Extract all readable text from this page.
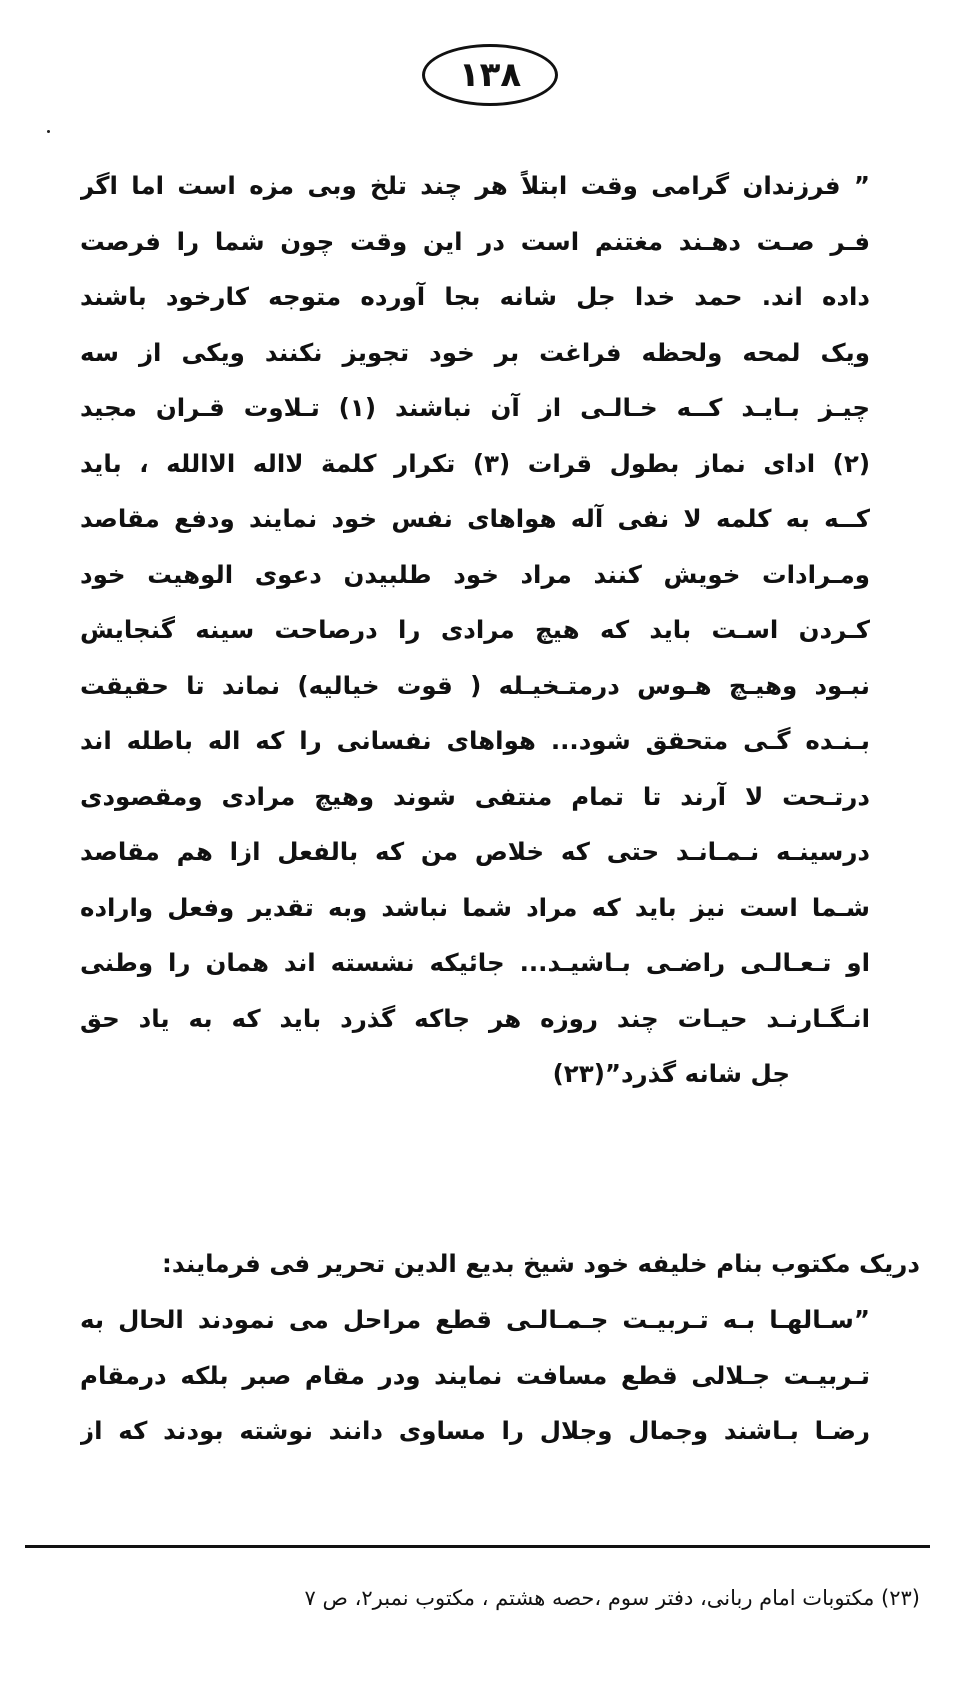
۱۳۸
” فرزندان گرامی وقت ابتلاً هر چند تلخ وبی مزه است اما اگر
فـر صـت دهـند مغتنم است در این وقت چون شما را فرصت
داده اند. حمد خدا جل شانه بجا آورده متوجه کارخود باشند
ویک لمحه ولحظه فراغت بر خود تجویز نکنند ویکی از سه
چیـز بـایـد کــه خـالـی از آن نباشند (۱) تـلاوت قـران مجید
(۲) ادای نماز بطول قرات (۳) تکرار کلمة لااله الاالله ، باید
کــه به کلمه لا نفی آله هواهای نفس خود نمایند ودفع مقاصد
ومـرادات خویش کنند مراد خود طلبیدن دعوی الوهیت خود
کـردن اسـت باید که هیچ مرادی را درصاحت سینه گنجایش
نبـود وهیـچ هـوس درمتـخیـله ( قوت خیالیه) نماند تا حقیقت
بـنـده گـی متحقق شود... هواهای نفسانی را که اله باطله اند
درتـحت لا آرند تا تمام منتفی شوند وهیچ مرادی ومقصودی
درسینـه نـمـانـد حتی که خلاص من که بالفعل ازا هم مقاصد
شـما است نیز باید که مراد شما نباشد وبه تقدیر وفعل واراده
او تـعـالـی راضـی بـاشیـد... جائیکه نشسته اند همان را وطنی
انـگـارنـد حیـات چند روزه هر جاکه گذرد باید که به یاد حق
جل شانه گذرد”(۲۳)
دریک مکتوب بنام خلیفه خود شیخ بدیع الدین تحریر فی فرمایند:
”سـالهـا بـه تـربیـت جـمـالـی قطع مراحل می نمودند الحال به
تـربیـت جـلالی قطع مسافت نمایند ودر مقام صبر بلکه درمقام
رضـا بـاشند وجمال وجلال را مساوی دانند نوشته بودند که از
(۲۳) مکتوبات امام ربانی، دفتر سوم ،حصه هشتم ، مکتوب نمبر۲، ص ۷
